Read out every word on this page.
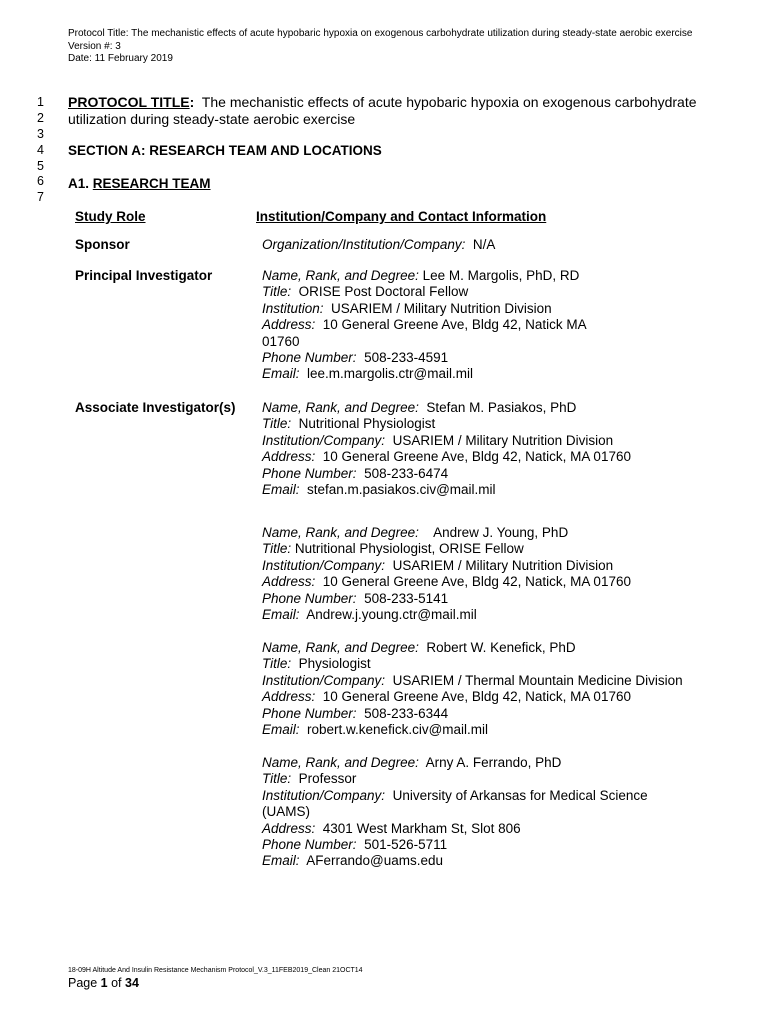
Protocol Title: The mechanistic effects of acute hypobaric hypoxia on exogenous carbohydrate utilization during steady-state aerobic exercise
Version #: 3
Date: 11 February 2019
1
2
3
4
5
6
7
PROTOCOL TITLE:  The mechanistic effects of acute hypobaric hypoxia on exogenous carbohydrate utilization during steady-state aerobic exercise
SECTION A: RESEARCH TEAM AND LOCATIONS
A1. RESEARCH TEAM
Study Role	Institution/Company and Contact Information
Sponsor	Organization/Institution/Company:  N/A
Principal Investigator	Name, Rank, and Degree: Lee M. Margolis, PhD, RD
Title:  ORISE Post Doctoral Fellow
Institution:  USARIEM / Military Nutrition Division
Address:  10 General Greene Ave, Bldg 42, Natick MA 01760
Phone Number:  508-233-4591
Email:  lee.m.margolis.ctr@mail.mil
Associate Investigator(s) Name, Rank, and Degree:  Stefan M. Pasiakos, PhD
Title:  Nutritional Physiologist
Institution/Company:  USARIEM / Military Nutrition Division
Address:  10 General Greene Ave, Bldg 42, Natick, MA 01760
Phone Number:  508-233-6474
Email:  stefan.m.pasiakos.civ@mail.mil
Name, Rank, and Degree:    Andrew J. Young, PhD
Title: Nutritional Physiologist, ORISE Fellow
Institution/Company:  USARIEM / Military Nutrition Division
Address:  10 General Greene Ave, Bldg 42, Natick, MA 01760
Phone Number:  508-233-5141
Email:  Andrew.j.young.ctr@mail.mil
Name, Rank, and Degree:  Robert W. Kenefick, PhD
Title:  Physiologist
Institution/Company:  USARIEM / Thermal Mountain Medicine Division
Address:  10 General Greene Ave, Bldg 42, Natick, MA 01760
Phone Number:  508-233-6344
Email:  robert.w.kenefick.civ@mail.mil
Name, Rank, and Degree:  Arny A. Ferrando, PhD
Title:  Professor
Institution/Company:  University of Arkansas for Medical Science (UAMS)
Address:  4301 West Markham St, Slot 806
Phone Number:  501-526-5711
Email:  AFerrando@uams.edu
18-09H Altitude And Insulin Resistance Mechanism Protocol_V.3_11FEB2019_Clean 21OCT14
Page 1 of 34
